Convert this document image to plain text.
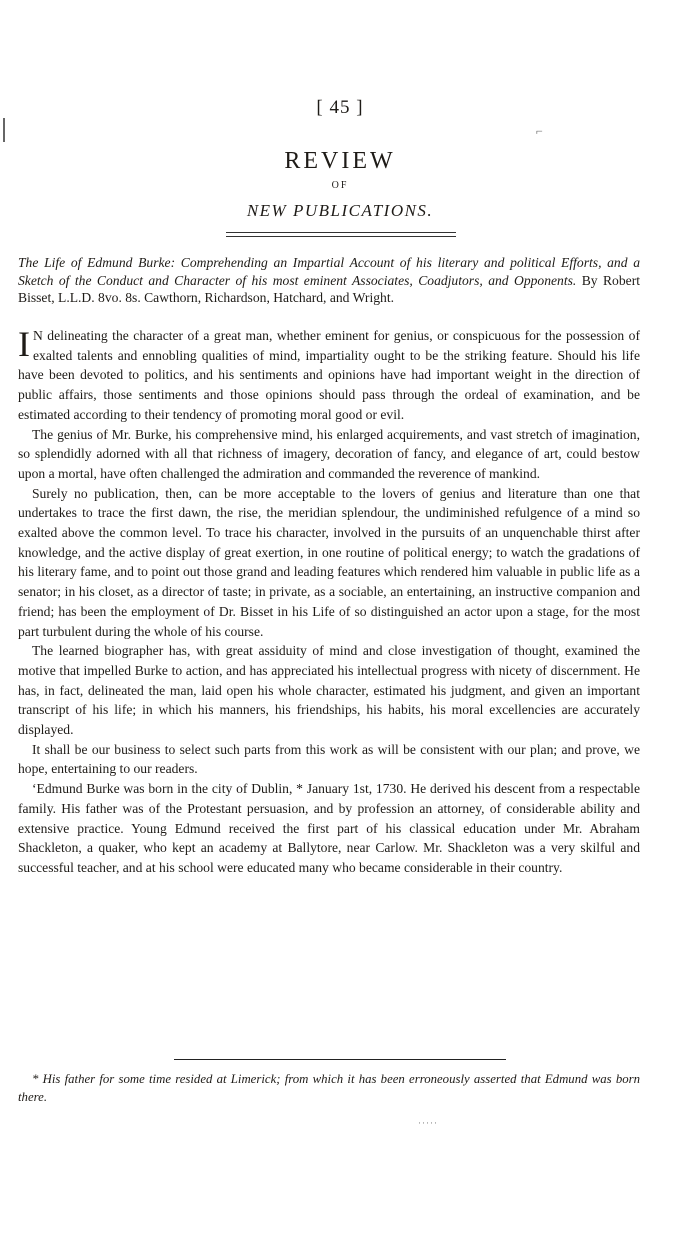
⌐
[ 45 ]
REVIEW
OF
NEW PUBLICATIONS.

The Life of Edmund Burke: Comprehending an Impartial Account of his literary and political Efforts, and a Sketch of the Conduct and Character of his most eminent Associates, Coadjutors, and Opponents. By Robert Bisset, L.L.D. 8vo. 8s. Cawthorn, Richardson, Hatchard, and Wright.

I N delineating the character of a great man, whether eminent for genius, or conspicuous for the possession of exalted talents and ennobling qualities of mind, impartiality ought to be the striking feature. Should his life have been devoted to politics, and his sentiments and opinions have had important weight in the direction of public affairs, those sentiments and those opinions should pass through the ordeal of examination, and be estimated according to their tendency of promoting moral good or evil.

The genius of Mr. Burke, his comprehensive mind, his enlarged acquirements, and vast stretch of imagination, so splendidly adorned with all that richness of imagery, decoration of fancy, and elegance of art, could bestow upon a mortal, have often challenged the admiration and commanded the reverence of mankind.

Surely no publication, then, can be more acceptable to the lovers of genius and literature than one that undertakes to trace the first dawn, the rise, the meridian splendour, the undiminished refulgence of a mind so exalted above the common level. To trace his character, involved in the pursuits of an unquenchable thirst after knowledge, and the active display of great exertion, in one routine of political energy; to watch the gradations of his literary fame, and to point out those grand and leading features which rendered him valuable in public life as a senator; in his closet, as a director of taste; in private, as a sociable, an entertaining, an instructive companion and friend; has been the employment of Dr. Bisset in his Life of so distinguished an actor upon a stage, for the most part turbulent during the whole of his course.

The learned biographer has, with great assiduity of mind and close investigation of thought, examined the motive that impelled Burke to action, and has appreciated his intellectual progress with nicety of discernment. He has, in fact, delineated the man, laid open his whole character, estimated his judgment, and given an important transcript of his life; in which his manners, his friendships, his habits, his moral excellencies are accurately displayed.

It shall be our business to select such parts from this work as will be consistent with our plan; and prove, we hope, entertaining to our readers.

‘Edmund Burke was born in the city of Dublin, * January 1st, 1730. He derived his descent from a respectable family. His father was of the Protestant persuasion, and by profession an attorney, of considerable ability and extensive practice. Young Edmund received the first part of his classical education under Mr. Abraham Shackleton, a quaker, who kept an academy at Ballytore, near Carlow. Mr. Shackleton was a very skilful and successful teacher, and at his school were educated many who became considerable in their country.

* His father for some time resided at Limerick; from which it has been erroneously asserted that Edmund was born there.

·····
